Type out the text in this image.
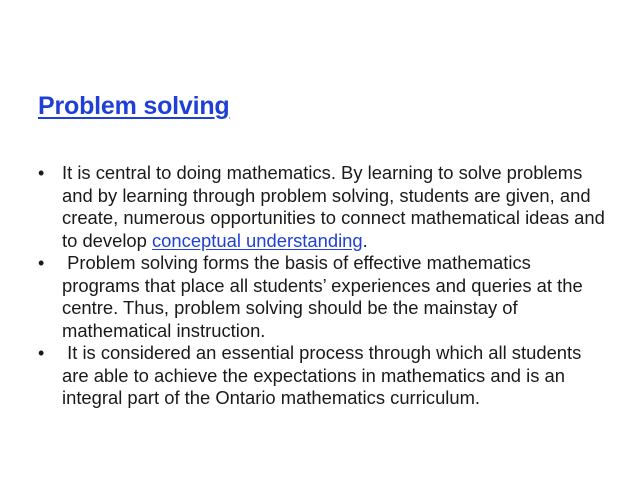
Problem solving
• It is central to doing mathematics. By learning to solve problems and by learning through problem solving, students are given, and create, numerous opportunities to connect mathematical ideas and to develop conceptual understanding.
• Problem solving forms the basis of effective mathematics programs that place all students’ experiences and queries at the centre. Thus, problem solving should be the mainstay of mathematical instruction.
• It is considered an essential process through which all students are able to achieve the expectations in mathematics and is an integral part of the Ontario mathematics curriculum.
